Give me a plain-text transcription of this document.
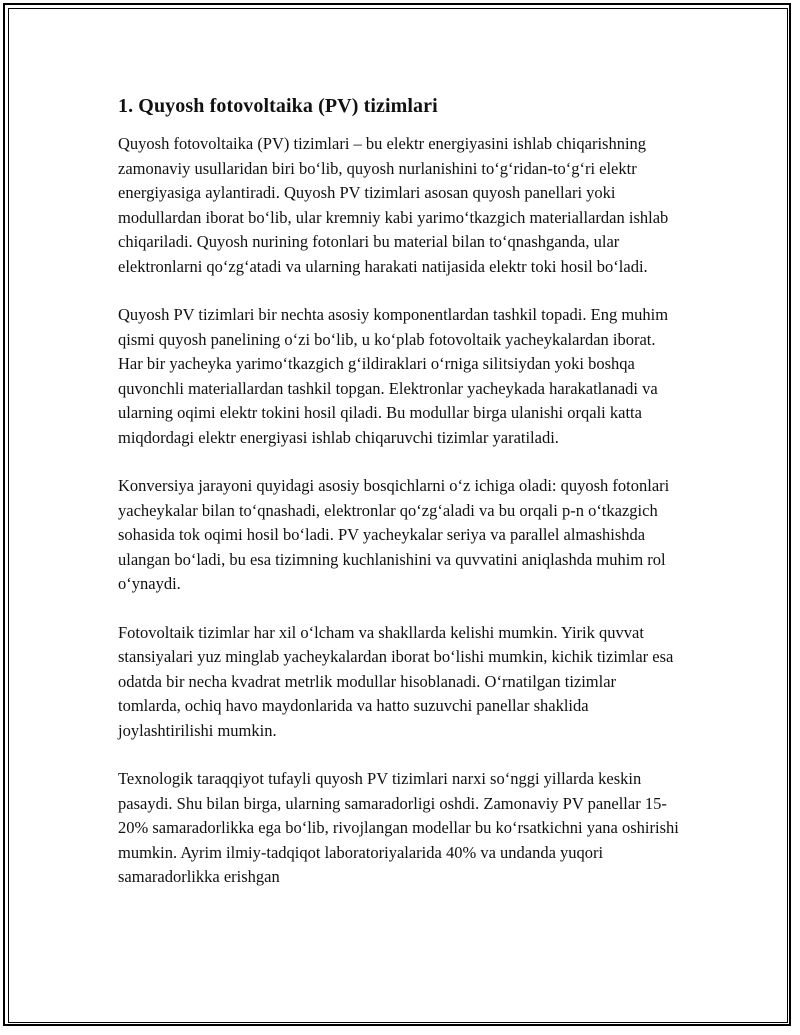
1. Quyosh fotovoltaika (PV) tizimlari

Quyosh fotovoltaika (PV) tizimlari – bu elektr energiyasini ishlab chiqarishning zamonaviy usullaridan biri bo‘lib, quyosh nurlanishini to‘g‘ridan-to‘g‘ri elektr energiyasiga aylantiradi. Quyosh PV tizimlari asosan quyosh panellari yoki modullardan iborat bo‘lib, ular kremniy kabi yarimo‘tkazgich materiallardan ishlab chiqariladi. Quyosh nurining fotonlari bu material bilan to‘qnashganda, ular elektronlarni qo‘zg‘atadi va ularning harakati natijasida elektr toki hosil bo‘ladi.

Quyosh PV tizimlari bir nechta asosiy komponentlardan tashkil topadi. Eng muhim qismi quyosh panelining o‘zi bo‘lib, u ko‘plab fotovoltaik yacheykalardan iborat. Har bir yacheyka yarimo‘tkazgich g‘ildiraklari o‘rniga silitsiydan yoki boshqa quvonchli materiallardan tashkil topgan. Elektronlar yacheykada harakatlanadi va ularning oqimi elektr tokini hosil qiladi. Bu modullar birga ulanishi orqali katta miqdordagi elektr energiyasi ishlab chiqaruvchi tizimlar yaratiladi.

Konversiya jarayoni quyidagi asosiy bosqichlarni o‘z ichiga oladi: quyosh fotonlari yacheykalar bilan to‘qnashadi, elektronlar qo‘zg‘aladi va bu orqali p-n o‘tkazgich sohasida tok oqimi hosil bo‘ladi. PV yacheykalar seriya va parallel almashishda ulangan bo‘ladi, bu esa tizimning kuchlanishini va quvvatini aniqlashda muhim rol o‘ynaydi.

Fotovoltaik tizimlar har xil o‘lcham va shakllarda kelishi mumkin. Yirik quvvat stansiyalari yuz minglab yacheykalardan iborat bo‘lishi mumkin, kichik tizimlar esa odatda bir necha kvadrat metrlik modullar hisoblanadi. O‘rnatilgan tizimlar tomlarda, ochiq havo maydonlarida va hatto suzuvchi panellar shaklida joylashtirilishi mumkin.

Texnologik taraqqiyot tufayli quyosh PV tizimlari narxi so‘nggi yillarda keskin pasaydi. Shu bilan birga, ularning samaradorligi oshdi. Zamonaviy PV panellar 15-20% samaradorlikka ega bo‘lib, rivojlangan modellar bu ko‘rsatkichni yana oshirishi mumkin. Ayrim ilmiy-tadqiqot laboratoriyalarida 40% va undanda yuqori samaradorlikka erishgan
